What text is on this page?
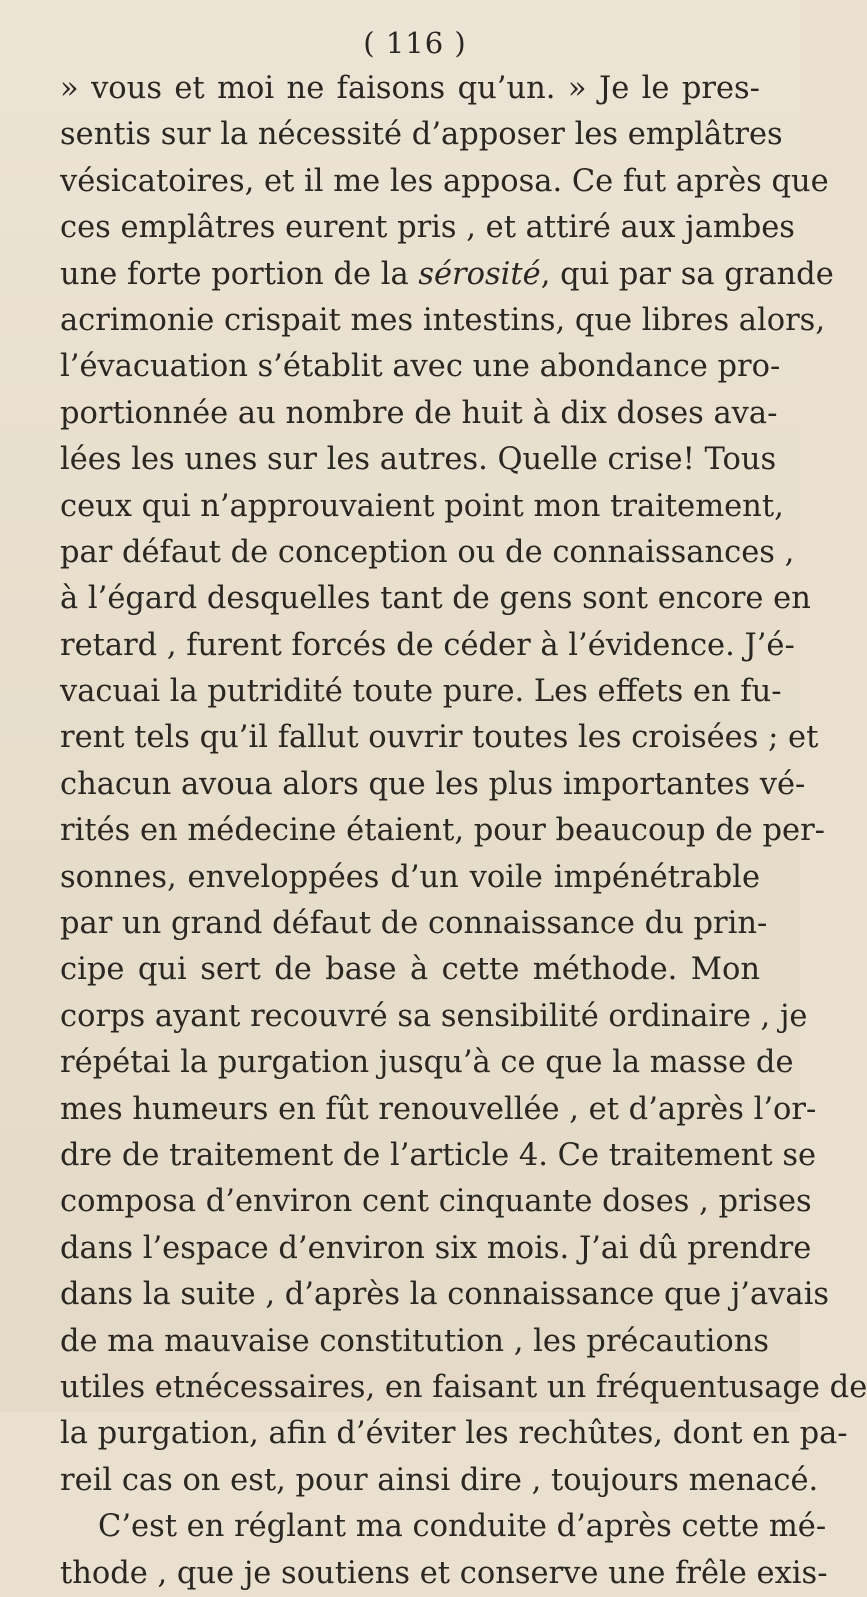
( 116 )
» vous et moi ne faisons qu’un. » Je le pres-
sentis sur la nécessité d’apposer les emplâtres
vésicatoires, et il me les apposa. Ce fut après que
ces emplâtres eurent pris , et attiré aux jambes
une forte portion de la sérosité, qui par sa grande
acrimonie crispait mes intestins, que libres alors,
l’évacuation s’établit avec une abondance pro-
portionnée au nombre de huit à dix doses ava-
lées les unes sur les autres. Quelle crise! Tous
ceux qui n’approuvaient point mon traitement,
par défaut de conception ou de connaissances ,
à l’égard desquelles tant de gens sont encore en
retard , furent forcés de céder à l’évidence. J’é-
vacuai la putridité toute pure. Les effets en fu-
rent tels qu’il fallut ouvrir toutes les croisées ; et
chacun avoua alors que les plus importantes vé-
rités en médecine étaient, pour beaucoup de per-
sonnes, enveloppées d’un voile impénétrable
par un grand défaut de connaissance du prin-
cipe qui sert de base à cette méthode. Mon
corps ayant recouvré sa sensibilité ordinaire , je
répétai la purgation jusqu’à ce que la masse de
mes humeurs en fût renouvellée , et d’après l’or-
dre de traitement de l’article 4. Ce traitement se
composa d’environ cent cinquante doses , prises
dans l’espace d’environ six mois. J’ai dû prendre
dans la suite , d’après la connaissance que j’avais
de ma mauvaise constitution , les précautions
utiles etnécessaires, en faisant un fréquentusage de
la purgation, afin d’éviter les rechûtes, dont en pa-
reil cas on est, pour ainsi dire , toujours menacé.
C’est en réglant ma conduite d’après cette mé-
thode , que je soutiens et conserve une frêle exis-
